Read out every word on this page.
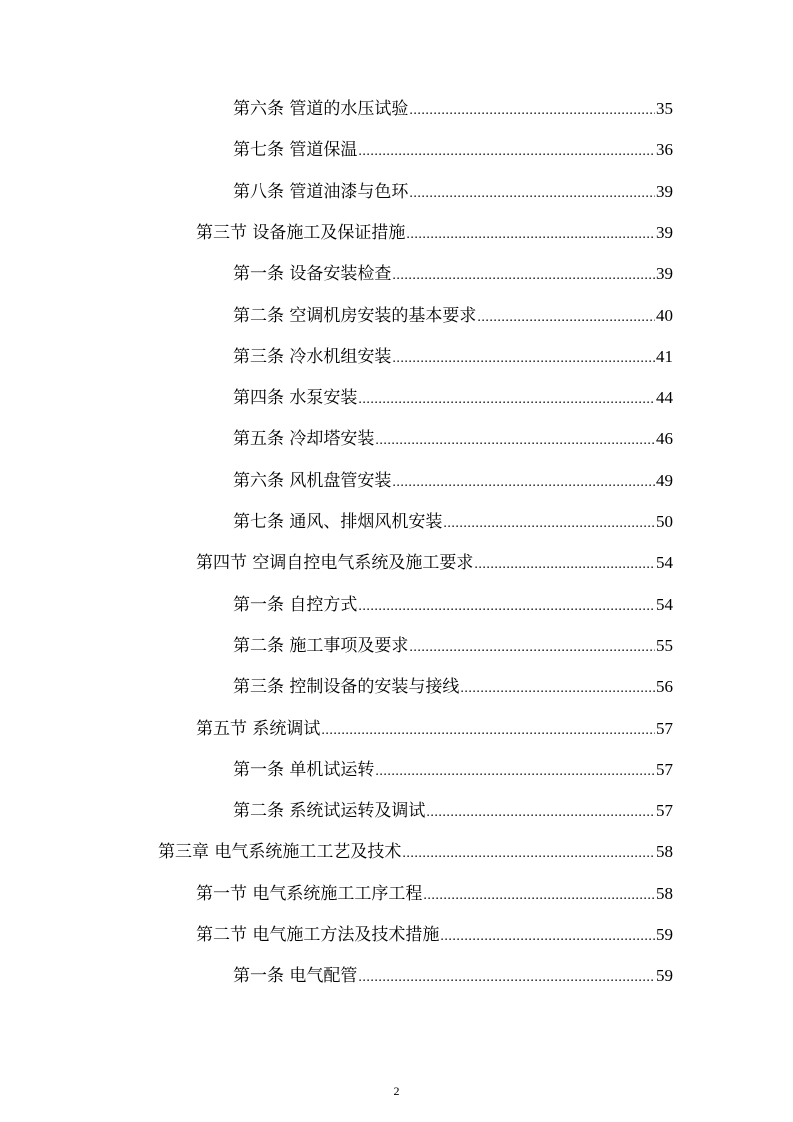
第六条 管道的水压试验 .....	35
第七条 管道保温 .....	36
第八条 管道油漆与色环 .....	39
第三节 设备施工及保证措施 .....	39
第一条 设备安装检查 .....	39
第二条 空调机房安装的基本要求 .....	40
第三条 冷水机组安装 .....	41
第四条 水泵安装 .....	44
第五条 冷却塔安装 .....	46
第六条 风机盘管安装 .....	49
第七条 通风、排烟风机安装 .....	50
第四节 空调自控电气系统及施工要求 .....	54
第一条 自控方式 .....	54
第二条 施工事项及要求 .....	55
第三条 控制设备的安装与接线 .....	56
第五节 系统调试 .....	57
第一条 单机试运转 .....	57
第二条 系统试运转及调试 .....	57
第三章 电气系统施工工艺及技术 .....	58
第一节 电气系统施工工序工程 .....	58
第二节 电气施工方法及技术措施 .....	59
第一条 电气配管 .....	59
2
